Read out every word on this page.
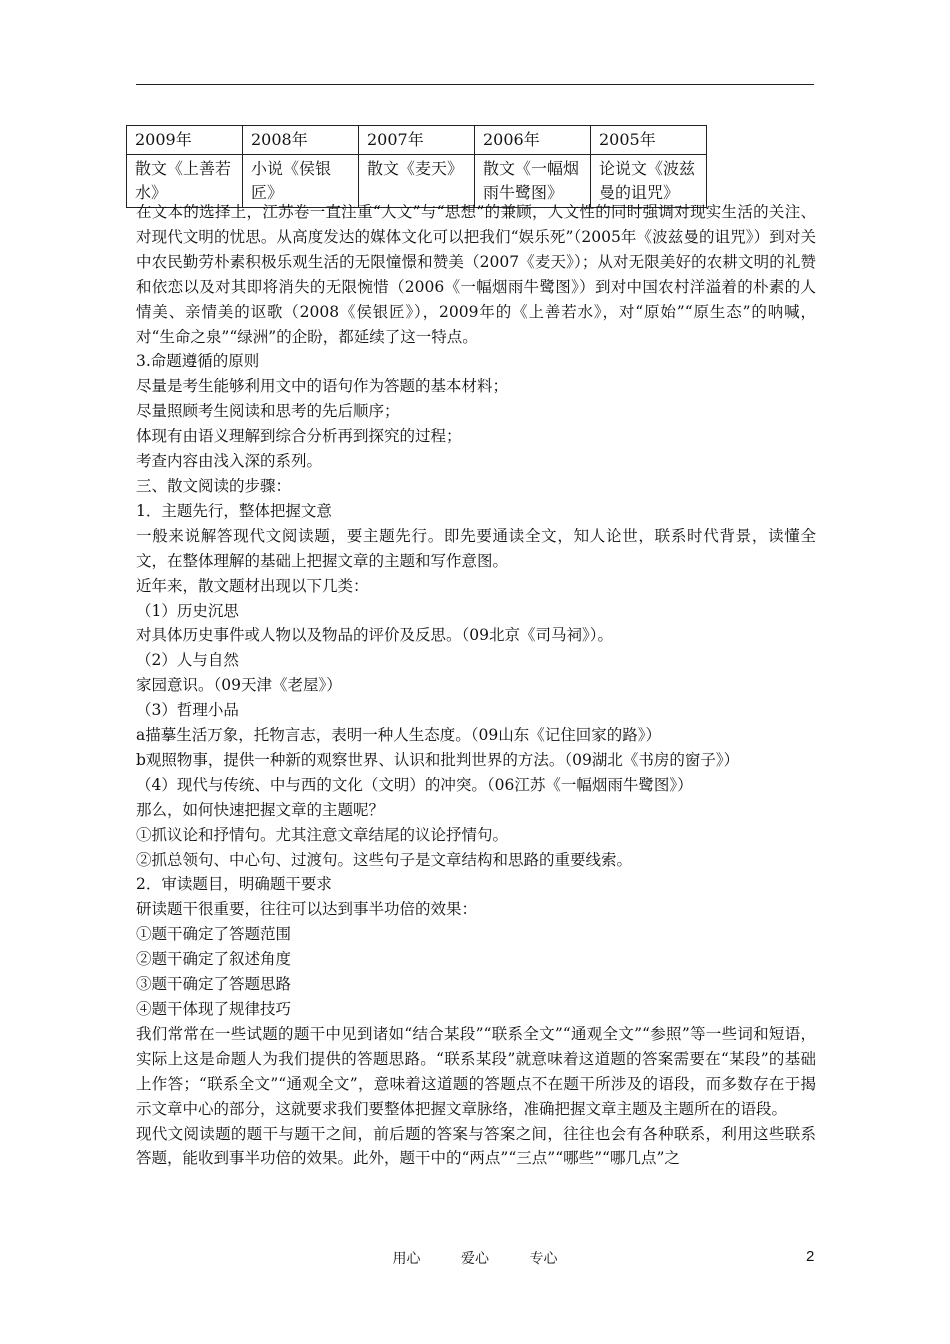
2009年	2008年	2007年	2006年	2005年
散文《上善若水》	小说《侯银匠》	散文《麦天》	散文《一幅烟雨牛鹭图》	论说文《波兹曼的诅咒》

在文本的选择上，江苏卷一直注重“人文”与“思想”的兼顾，人文性的同时强调对现实生活的关注、对现代文明的忧思。从高度发达的媒体文化可以把我们“娱乐死”（2005年《波兹曼的诅咒》）到对关中农民勤劳朴素积极乐观生活的无限憧憬和赞美（2007《麦天》）；从对无限美好的农耕文明的礼赞和依恋以及对其即将消失的无限惋惜（2006《一幅烟雨牛鹭图》）到对中国农村洋溢着的朴素的人情美、亲情美的讴歌（2008《侯银匠》），2009年的《上善若水》，对“原始”“原生态”的呐喊，对“生命之泉”“绿洲”的企盼，都延续了这一特点。

3.命题遵循的原则

尽量是考生能够利用文中的语句作为答题的基本材料；

尽量照顾考生阅读和思考的先后顺序；

体现有由语义理解到综合分析再到探究的过程；

考查内容由浅入深的系列。

三、散文阅读的步骤：

1．主题先行，整体把握文意

一般来说解答现代文阅读题，要主题先行。即先要通读全文，知人论世，联系时代背景，读懂全文，在整体理解的基础上把握文章的主题和写作意图。

近年来，散文题材出现以下几类：

（1）历史沉思

对具体历史事件或人物以及物品的评价及反思。（09北京《司马祠》）。

（2）人与自然

家园意识。（09天津《老屋》）

（3）哲理小品

a描摹生活万象，托物言志，表明一种人生态度。（09山东《记住回家的路》）

b观照物事，提供一种新的观察世界、认识和批判世界的方法。（09湖北《书房的窗子》）

（4）现代与传统、中与西的文化（文明）的冲突。（06江苏《一幅烟雨牛鹭图》）

那么，如何快速把握文章的主题呢？

①抓议论和抒情句。尤其注意文章结尾的议论抒情句。

②抓总领句、中心句、过渡句。这些句子是文章结构和思路的重要线索。

2．审读题目，明确题干要求

研读题干很重要，往往可以达到事半功倍的效果：

①题干确定了答题范围

②题干确定了叙述角度

③题干确定了答题思路

④题干体现了规律技巧

我们常常在一些试题的题干中见到诸如“结合某段”“联系全文”“通观全文”“参照”等一些词和短语，实际上这是命题人为我们提供的答题思路。“联系某段”就意味着这道题的答案需要在“某段”的基础上作答；“联系全文”“通观全文”，意味着这道题的答题点不在题干所涉及的语段，而多数存在于揭示文章中心的部分，这就要求我们要整体把握文章脉络，准确把握文章主题及主题所在的语段。

现代文阅读题的题干与题干之间，前后题的答案与答案之间，往往也会有各种联系，利用这些联系答题，能收到事半功倍的效果。此外，题干中的“两点”“三点”“哪些”“哪几点”之

用心	爱心	专心	2
